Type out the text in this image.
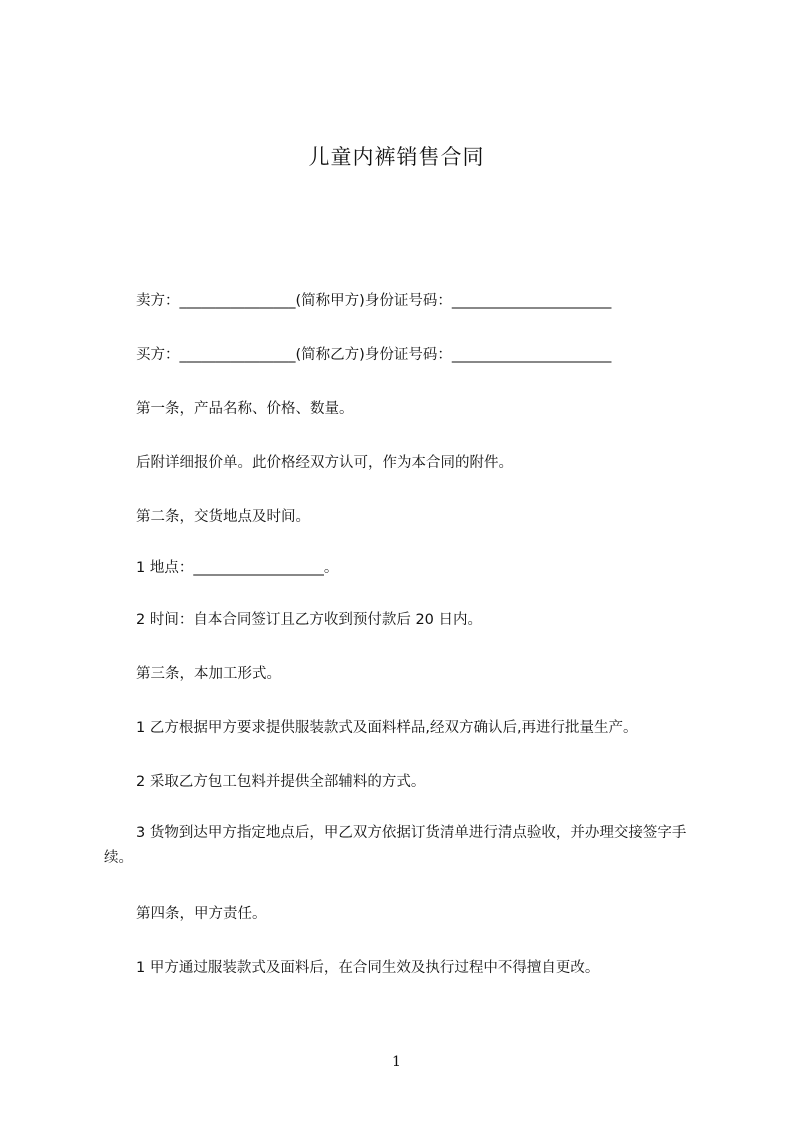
儿童内裤销售合同
卖方：________________(简称甲方)身份证号码：______________________
买方：________________(简称乙方)身份证号码：______________________
第一条，产品名称、价格、数量。
后附详细报价单。此价格经双方认可，作为本合同的附件。
第二条，交货地点及时间。
1 地点：__________________。
2 时间：自本合同签订且乙方收到预付款后 20 日内。
第三条，本加工形式。
1 乙方根据甲方要求提供服装款式及面料样品,经双方确认后,再进行批量生产。
2 采取乙方包工包料并提供全部辅料的方式。
3 货物到达甲方指定地点后，甲乙双方依据订货清单进行清点验收，并办理交接签字手续。
第四条，甲方责任。
1 甲方通过服装款式及面料后，在合同生效及执行过程中不得擅自更改。
1
